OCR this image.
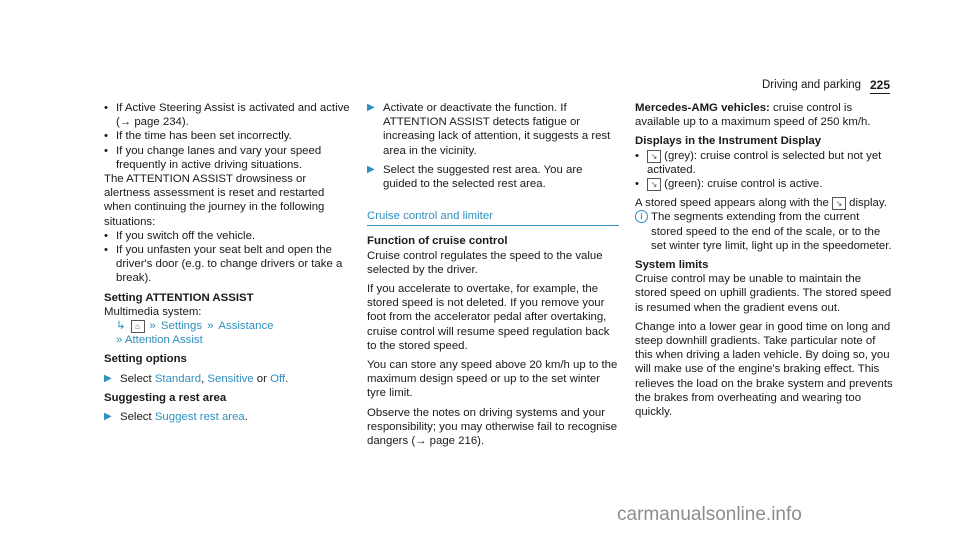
Driving and parking 225

• If Active Steering Assist is activated and active (→ page 234).

• If the time has been set incorrectly.

• If you change lanes and vary your speed frequently in active driving situations.

The ATTENTION ASSIST drowsiness or alertness assessment is reset and restarted when continuing the journey in the following situations:

• If you switch off the vehicle.

• If you unfasten your seat belt and open the driver's door (e.g. to change drivers or take a break).

Setting ATTENTION ASSIST

Multimedia system:

↳	⌂ » Settings » Assistance

» Attention Assist

Setting options

▶ Select Standard, Sensitive or Off.

Suggesting a rest area

▶ Select Suggest rest area.

▶ Activate or deactivate the function. If ATTENTION ASSIST detects fatigue or increasing lack of attention, it suggests a rest area in the vicinity.

▶ Select the suggested rest area. You are guided to the selected rest area.

Cruise control and limiter

Function of cruise control

Cruise control regulates the speed to the value selected by the driver.

If you accelerate to overtake, for example, the stored speed is not deleted. If you remove your foot from the accelerator pedal after overtaking, cruise control will resume speed regulation back to the stored speed.

You can store any speed above 20 km/h up to the maximum design speed or up to the set winter tyre limit.

Observe the notes on driving systems and your responsibility; you may otherwise fail to recognise dangers (→ page 216).

Mercedes-AMG vehicles: cruise control is available up to a maximum speed of 250 km/h.

Displays in the Instrument Display

• ↘ (grey): cruise control is selected but not yet activated.

• ↘ (green): cruise control is active.

A stored speed appears along with the ↘ display.

i The segments extending from the current stored speed to the end of the scale, or to the set winter tyre limit, light up in the speedometer.

System limits

Cruise control may be unable to maintain the stored speed on uphill gradients. The stored speed is resumed when the gradient evens out.

Change into a lower gear in good time on long and steep downhill gradients. Take particular note of this when driving a laden vehicle. By doing so, you will make use of the engine's braking effect. This relieves the load on the brake system and prevents the brakes from overheating and wearing too quickly.

carmanualsonline.info
